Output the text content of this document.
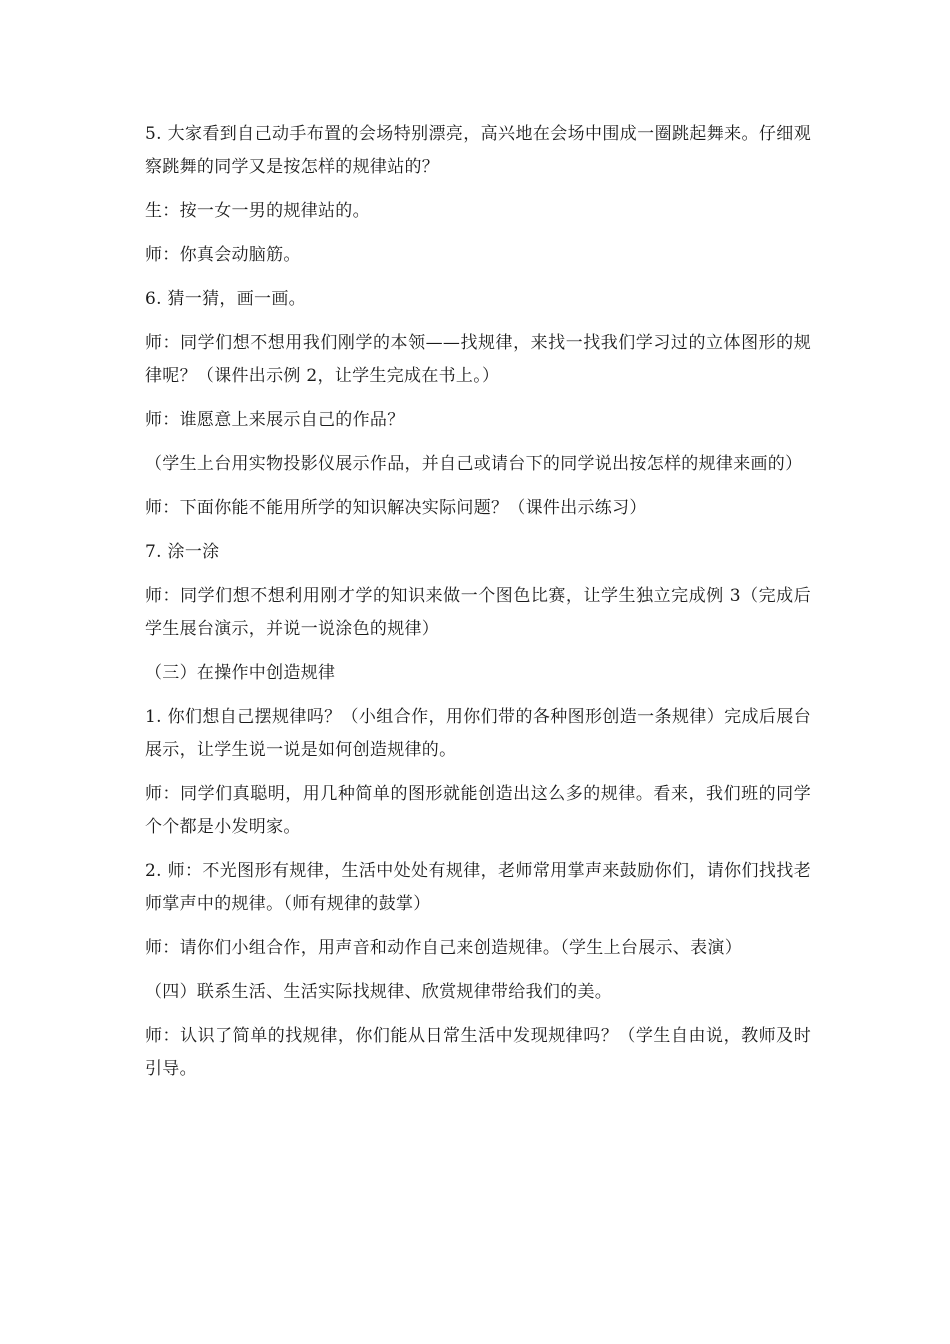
5. 大家看到自己动手布置的会场特别漂亮，高兴地在会场中围成一圈跳起舞来。仔细观察跳舞的同学又是按怎样的规律站的？

生：按一女一男的规律站的。

师：你真会动脑筋。

6. 猜一猜，画一画。

师：同学们想不想用我们刚学的本领——找规律，来找一找我们学习过的立体图形的规律呢？（课件出示例 2，让学生完成在书上。）

师：谁愿意上来展示自己的作品？

（学生上台用实物投影仪展示作品，并自己或请台下的同学说出按怎样的规律来画的）

师：下面你能不能用所学的知识解决实际问题？（课件出示练习）

7. 涂一涂

师：同学们想不想利用刚才学的知识来做一个图色比赛，让学生独立完成例 3（完成后学生展台演示，并说一说涂色的规律）

（三）在操作中创造规律

1. 你们想自己摆规律吗？（小组合作，用你们带的各种图形创造一条规律）完成后展台展示，让学生说一说是如何创造规律的。

师：同学们真聪明，用几种简单的图形就能创造出这么多的规律。看来，我们班的同学个个都是小发明家。

2. 师：不光图形有规律，生活中处处有规律，老师常用掌声来鼓励你们，请你们找找老师掌声中的规律。（师有规律的鼓掌）

师：请你们小组合作，用声音和动作自己来创造规律。（学生上台展示、表演）

（四）联系生活、生活实际找规律、欣赏规律带给我们的美。

师：认识了简单的找规律，你们能从日常生活中发现规律吗？（学生自由说，教师及时引导。
